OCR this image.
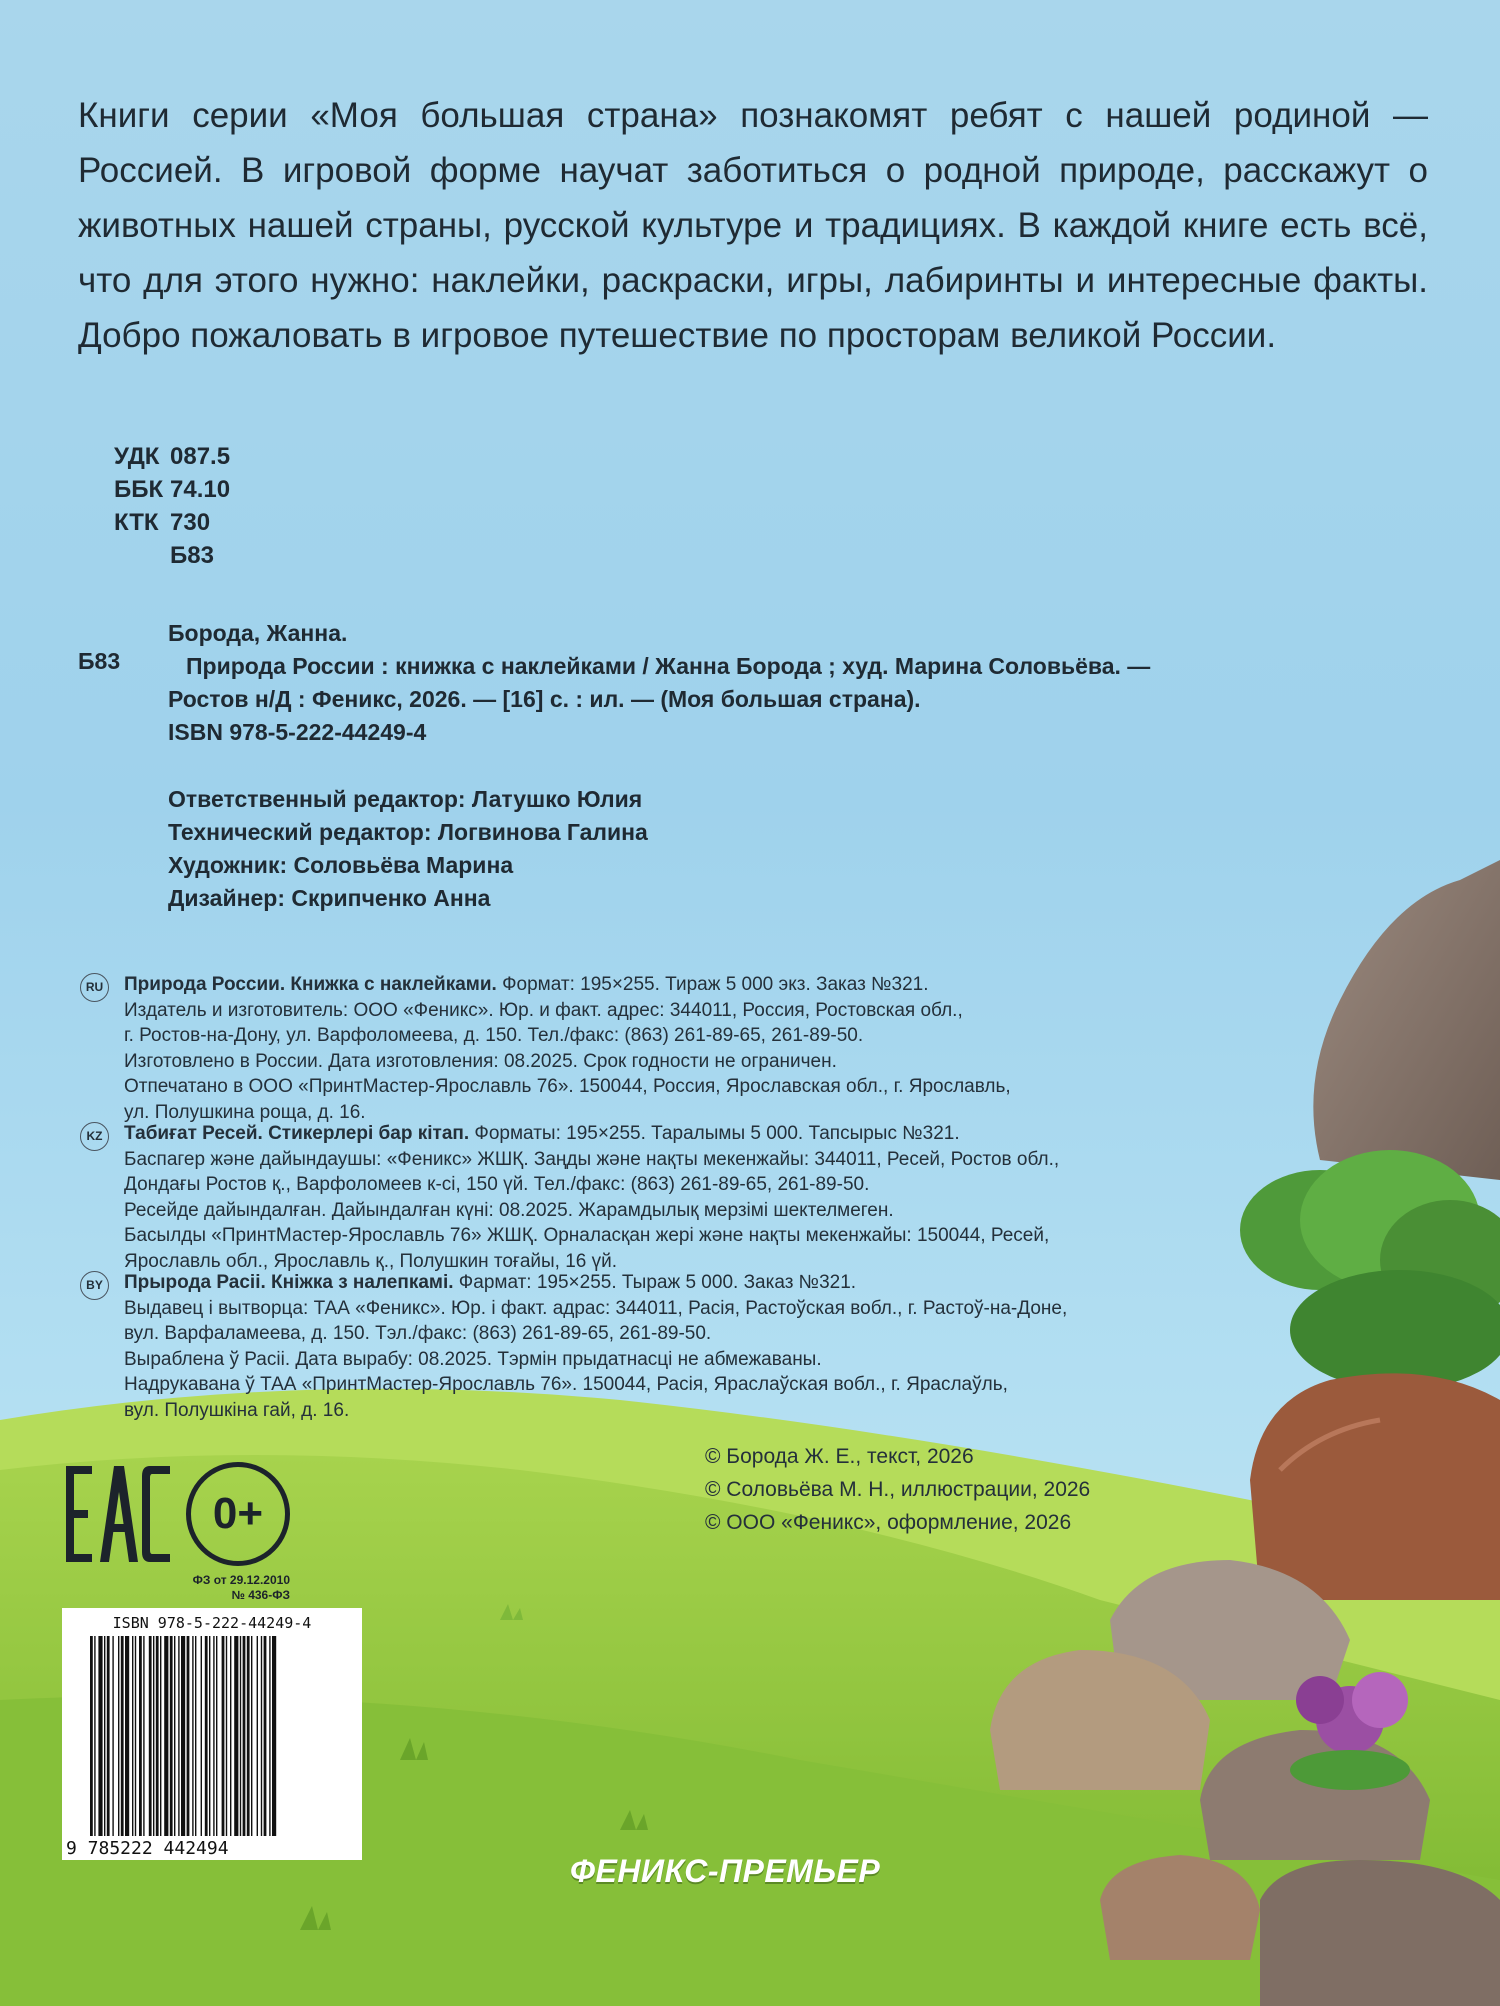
Книги серии «Моя большая страна» познакомят ребят с нашей родиной — Россией. В игровой форме научат заботиться о родной природе, расскажут о животных нашей страны, русской культуре и традициях. В каждой книге есть всё, что для этого нужно: наклейки, раскраски, игры, лабиринты и интересные факты. Добро пожаловать в игровое путешествие по просторам великой России.

УДК 087.5
ББК 74.10
КТК 730
Б83
Б83
Борода, Жанна.
Природа России : книжка с наклейками / Жанна Борода ; худ. Марина Соловьёва. —
Ростов н/Д : Феникс, 2026. — [16] с. : ил. — (Моя большая страна).
ISBN 978-5-222-44249-4
Ответственный редактор: Латушко Юлия
Технический редактор: Логвинова Галина
Художник: Соловьёва Марина
Дизайнер: Скрипченко Анна
RU	Природа России. Книжка с наклейками. Формат: 195×255. Тираж 5 000 экз. Заказ №321.
Издатель и изготовитель: ООО «Феникс». Юр. и факт. адрес: 344011, Россия, Ростовская обл.,
г. Ростов-на-Дону, ул. Варфоломеева, д. 150. Тел./факс: (863) 261-89-65, 261-89-50.
Изготовлено в России. Дата изготовления: 08.2025. Срок годности не ограничен.
Отпечатано в ООО «ПринтМастер-Ярославль 76». 150044, Россия, Ярославская обл., г. Ярославль,
ул. Полушкина роща, д. 16.
KZ	Табиғат Ресей. Стикерлері бар кітап. Форматы: 195×255. Таралымы 5 000. Тапсырыс №321.
Баспагер және дайындаушы: «Феникс» ЖШҚ. Заңды және нақты мекенжайы: 344011, Ресей, Ростов обл.,
Дондағы Ростов қ., Варфоломеев к-сі, 150 үй. Тел./факс: (863) 261-89-65, 261-89-50.
Ресейде дайындалған. Дайындалған күні: 08.2025. Жарамдылық мерзімі шектелмеген.
Басылды «ПринтМастер-Ярославль 76» ЖШҚ. Орналасқан жері және нақты мекенжайы: 150044, Ресей,
Ярославль обл., Ярославль қ., Полушкин тоғайы, 16 үй.
BY	Прырода Расіі. Кніжка з налепкамі. Фармат: 195×255. Тыраж 5 000. Заказ №321.
Выдавец і вытворца: ТАА «Феникс». Юр. і факт. адрас: 344011, Расія, Растоўская вобл., г. Растоў-на-Доне,
вул. Варфаламеева, д. 150. Тэл./факс: (863) 261-89-65, 261-89-50.
Выраблена ў Расіі. Дата вырабу: 08.2025. Тэрмін прыдатнасці не абмежаваны.
Надрукавана ў ТАА «ПринтМастер-Ярославль 76». 150044, Расія, Яраслаўская вобл., г. Яраслаўль,
вул. Полушкіна гай, д. 16.
© Борода Ж. Е., текст, 2026
© Соловьёва М. Н., иллюстрации, 2026
© ООО «Феникс», оформление, 2026
0+
ФЗ от 29.12.2010
№ 436-ФЗ
ISBN 978-5-222-44249-4
9 785222 442494
ФЕНИКС-ПРЕМЬЕР
